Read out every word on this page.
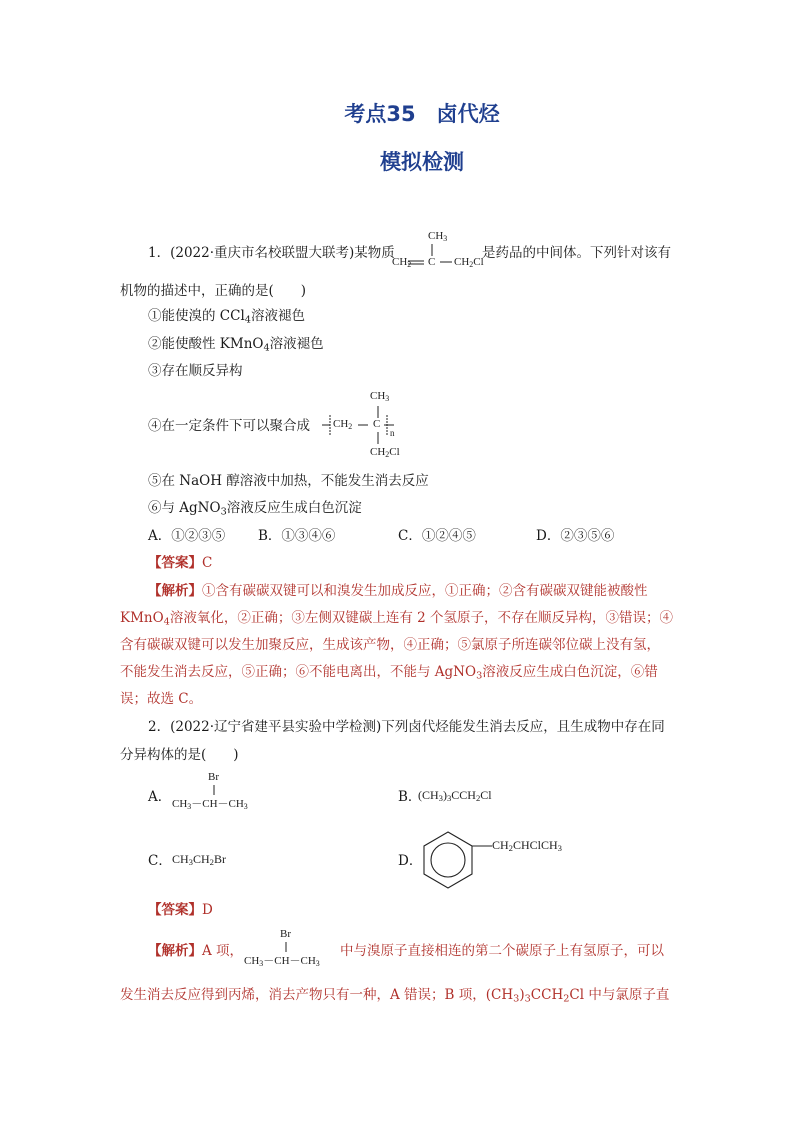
考点35　卤代烃
模拟检测
1．(2022·重庆市名校联盟大联考)某物质
$CH_3$
$CH_2$ C $CH_2Cl$
是药品的中间体。下列针对该有
机物的描述中，正确的是(　　)
①能使溴的 CCl$_4$溶液褪色
②能使酸性 KMnO$_4$溶液褪色
③存在顺反异构
④在一定条件下可以聚合成
$CH_3$
$CH_2$ C
n
$CH_2Cl$
⑤在 NaOH 醇溶液中加热，不能发生消去反应
⑥与 AgNO$_3$溶液反应生成白色沉淀
A．①②③⑤ B．①③④⑥	C．①②④⑤	D．②③⑤⑥
【答案】C
【解析】①含有碳碳双键可以和溴发生加成反应，①正确；②含有碳碳双键能被酸性
KMnO$_4$溶液氧化，②正确；③左侧双键碳上连有 2 个氢原子，不存在顺反异构，③错误；④
含有碳碳双键可以发生加聚反应，生成该产物，④正确；⑤氯原子所连碳邻位碳上没有氢，
不能发生消去反应，⑤正确；⑥不能电离出，不能与 AgNO$_3$溶液反应生成白色沉淀，⑥错
误；故选 C。
2．(2022·辽宁省建平县实验中学检测)下列卤代烃能发生消去反应，且生成物中存在同
分异构体的是(　　)
A．
Br
$CH_3-CH-CH_3$
B．
$(CH_3)_3CCH_2Cl$
C． $CH_3CH_2Br$	D．
$CH_2CHClCH_3$
【答案】D
【解析】A 项，
Br
$CH_3-CH-CH_3$
中与溴原子直接相连的第二个碳原子上有氢原子，可以
发生消去反应得到丙烯，消去产物只有一种，A 错误；B 项，$(CH_3)_3CCH_2Cl$ 中与氯原子直
